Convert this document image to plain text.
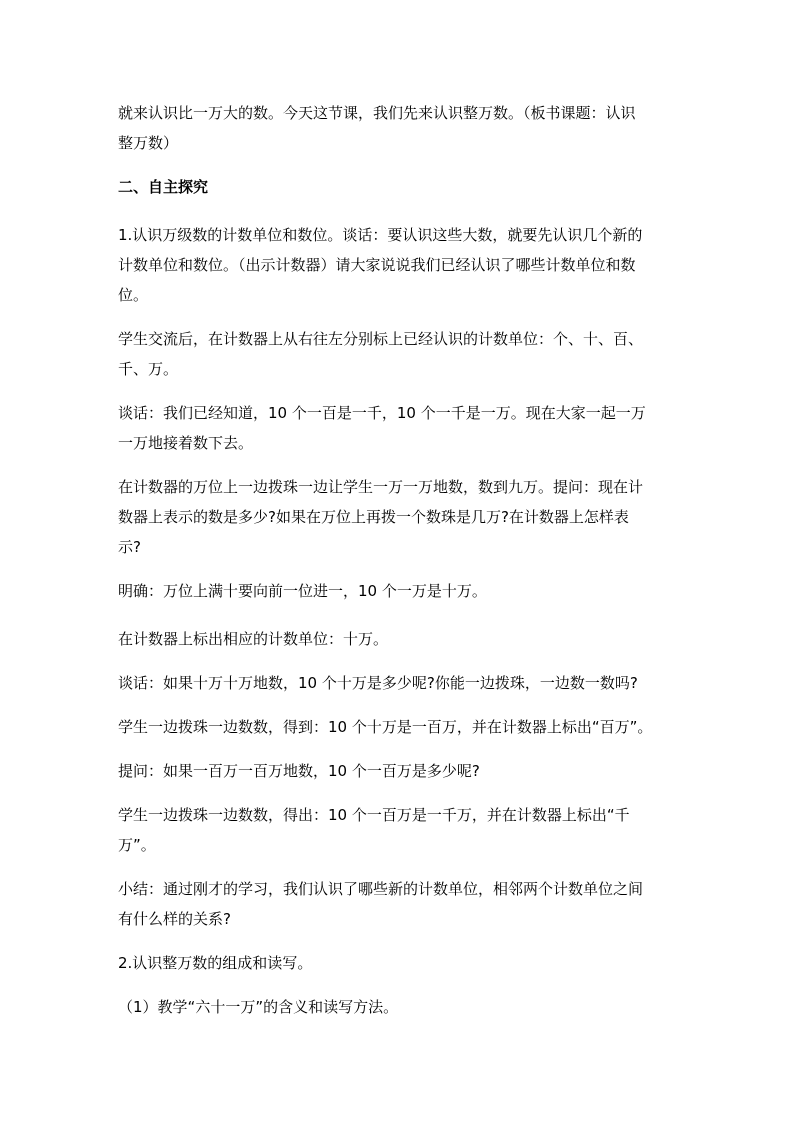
就来认识比一万大的数。今天这节课，我们先来认识整万数。（板书课题：认识
整万数）
二、自主探究
1.认识万级数的计数单位和数位。谈话：要认识这些大数，就要先认识几个新的
计数单位和数位。（出示计数器）请大家说说我们已经认识了哪些计数单位和数
位。
学生交流后，在计数器上从右往左分别标上已经认识的计数单位：个、十、百、
千、万。
谈话：我们已经知道，10 个一百是一千，10 个一千是一万。现在大家一起一万
一万地接着数下去。
在计数器的万位上一边拨珠一边让学生一万一万地数，数到九万。提问：现在计
数器上表示的数是多少?如果在万位上再拨一个数珠是几万?在计数器上怎样表
示?
明确：万位上满十要向前一位进一，10 个一万是十万。
在计数器上标出相应的计数单位：十万。
谈话：如果十万十万地数，10 个十万是多少呢?你能一边拨珠，一边数一数吗?
学生一边拨珠一边数数，得到：10 个十万是一百万，并在计数器上标出“百万”。
提问：如果一百万一百万地数，10 个一百万是多少呢?
学生一边拨珠一边数数，得出：10 个一百万是一千万，并在计数器上标出“千
万”。
小结：通过刚才的学习，我们认识了哪些新的计数单位，相邻两个计数单位之间
有什么样的关系?
2.认识整万数的组成和读写。
（1）教学“六十一万”的含义和读写方法。
